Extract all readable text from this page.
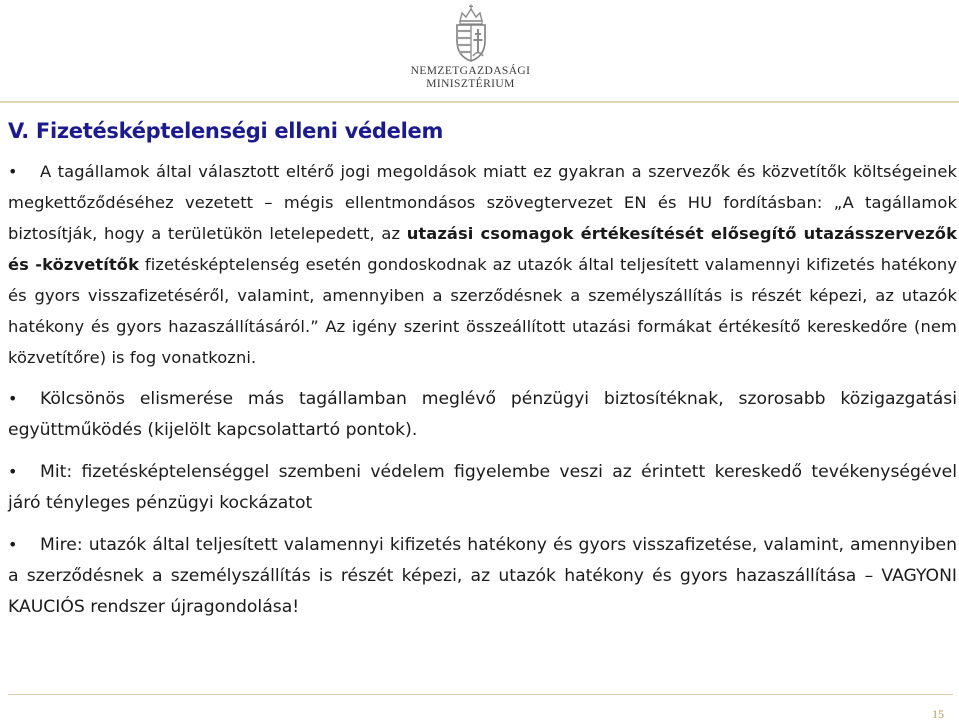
NEMZETGAZDASÁGI
MINISZTÉRIUM
V. Fizetésképtelenségi elleni védelem
• A tagállamok által választott eltérő jogi megoldások miatt ez gyakran a szervezők és közvetítők költségeinek megkettőződéséhez vezetett – mégis ellentmondásos szövegtervezet EN és HU fordításban: „A tagállamok biztosítják, hogy a területükön letelepedett, az utazási csomagok értékesítését elősegítő utazásszervezők és -közvetítők fizetésképtelenség esetén gondoskodnak az utazók által teljesített valamennyi kifizetés hatékony és gyors visszafizetéséről, valamint, amennyiben a szerződésnek a személyszállítás is részét képezi, az utazók hatékony és gyors hazaszállításáról.” Az igény szerint összeállított utazási formákat értékesítő kereskedőre (nem közvetítőre) is fog vonatkozni.
• Kölcsönös elismerése más tagállamban meglévő pénzügyi biztosítéknak, szorosabb közigazgatási együttműködés (kijelölt kapcsolattartó pontok).
• Mit: fizetésképtelenséggel szembeni védelem figyelembe veszi az érintett kereskedő tevékenységével járó tényleges pénzügyi kockázatot
• Mire: utazók által teljesített valamennyi kifizetés hatékony és gyors visszafizetése, valamint, amennyiben a szerződésnek a személyszállítás is részét képezi, az utazók hatékony és gyors hazaszállítása – VAGYONI KAUCIÓS rendszer újragondolása!
15
